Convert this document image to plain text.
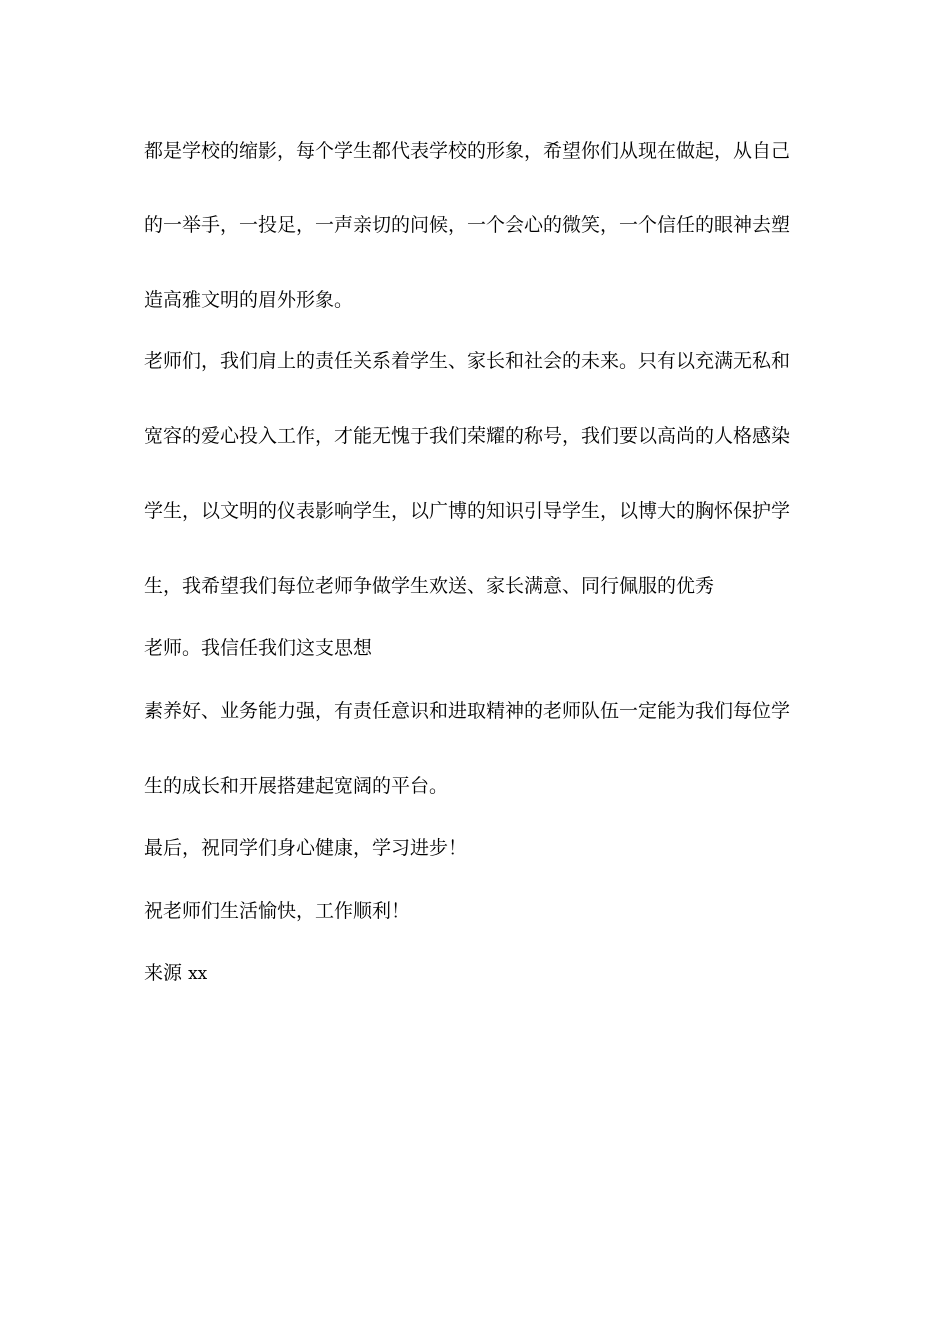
都是学校的缩影，每个学生都代表学校的形象，希望你们从现在做起，从自己
的一举手，一投足，一声亲切的问候，一个会心的微笑，一个信任的眼神去塑
造高雅文明的眉外形象。
老师们，我们肩上的责任关系着学生、家长和社会的未来。只有以充满无私和
宽容的爱心投入工作，才能无愧于我们荣耀的称号，我们要以高尚的人格感染
学生，以文明的仪表影响学生，以广博的知识引导学生，以博大的胸怀保护学
生，我希望我们每位老师争做学生欢送、家长满意、同行佩服的优秀
老师。我信任我们这支思想
素养好、业务能力强，有责任意识和进取精神的老师队伍一定能为我们每位学
生的成长和开展搭建起宽阔的平台。
最后，祝同学们身心健康，学习进步！
祝老师们生活愉快，工作顺利！
来源 xx
